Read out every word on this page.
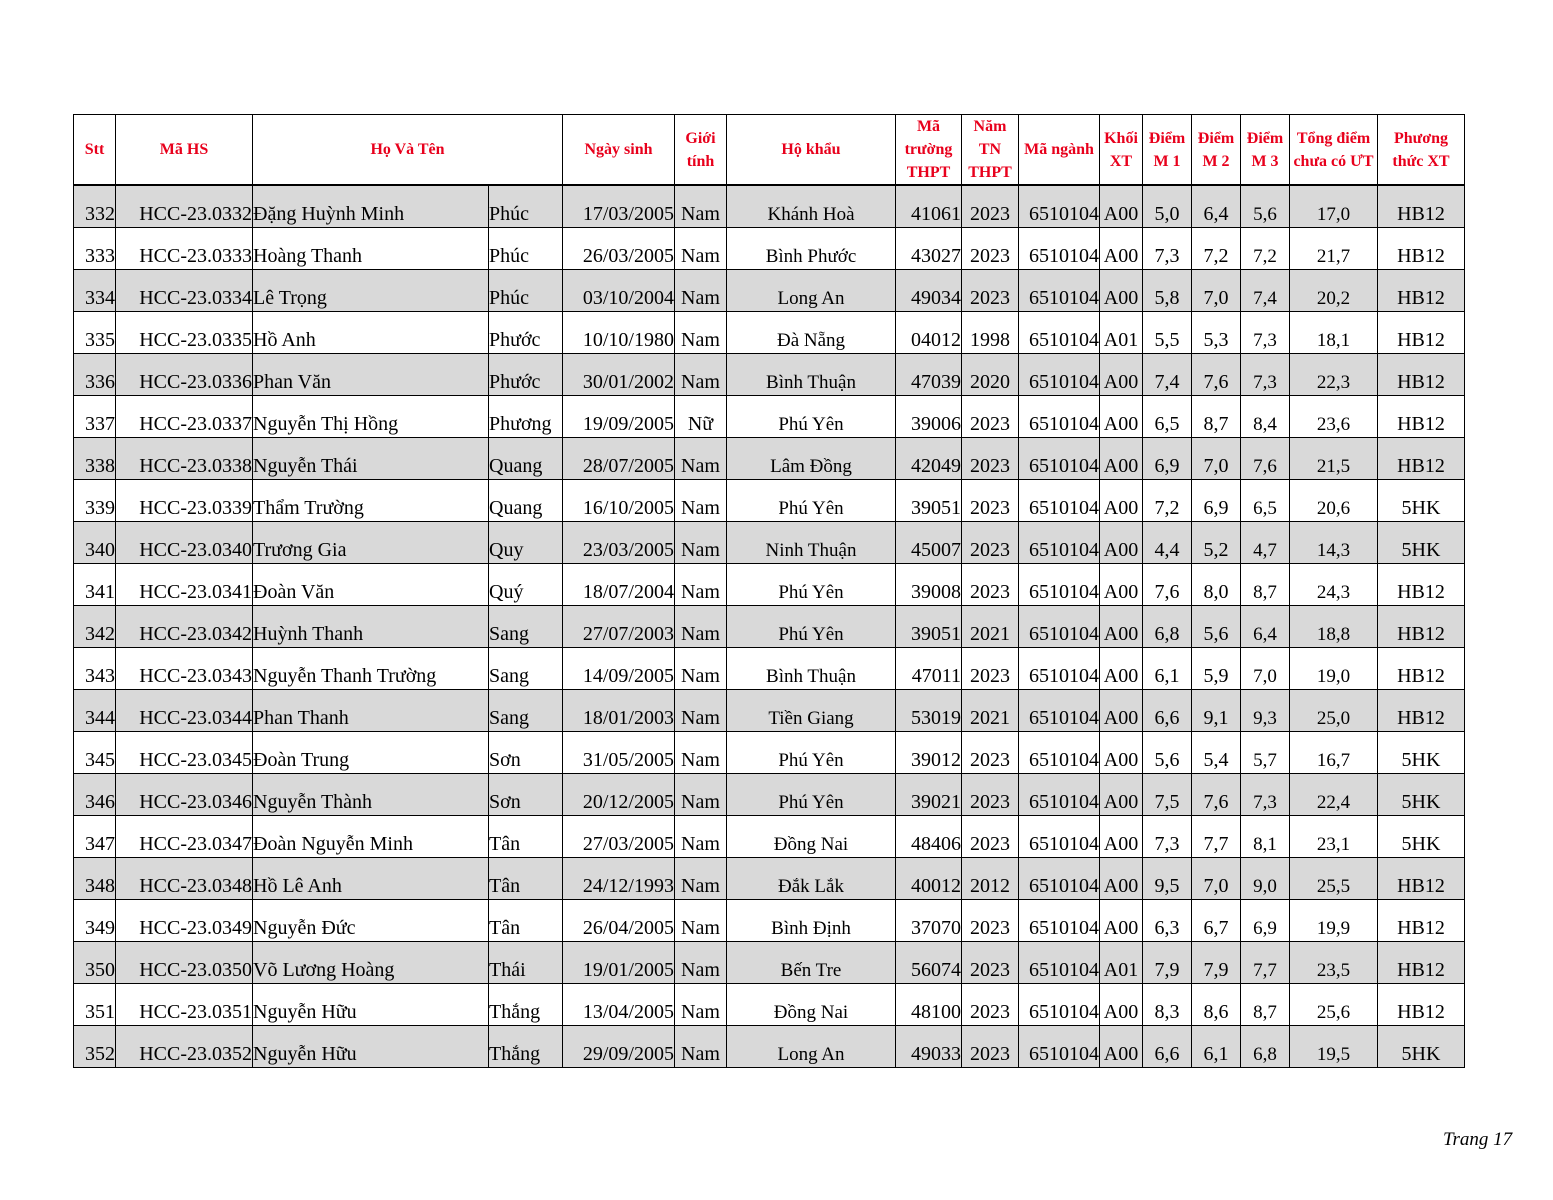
Stt	Mã HS	Họ Và Tên		Ngày sinh	Giới tính	Hộ khẩu	Mã trường THPT	Năm TN THPT	Mã ngành	Khối XT	Điểm M 1	Điểm M 2	Điểm M 3	Tổng điểm chưa có ƯT	Phương thức XT
332	HCC-23.0332	Đặng Huỳnh Minh	Phúc	17/03/2005	Nam	Khánh Hoà	41061	2023	6510104	A00	5,0	6,4	5,6	17,0	HB12
333	HCC-23.0333	Hoàng Thanh	Phúc	26/03/2005	Nam	Bình Phước	43027	2023	6510104	A00	7,3	7,2	7,2	21,7	HB12
334	HCC-23.0334	Lê Trọng	Phúc	03/10/2004	Nam	Long An	49034	2023	6510104	A00	5,8	7,0	7,4	20,2	HB12
335	HCC-23.0335	Hồ Anh	Phước	10/10/1980	Nam	Đà Nẵng	04012	1998	6510104	A01	5,5	5,3	7,3	18,1	HB12
336	HCC-23.0336	Phan Văn	Phước	30/01/2002	Nam	Bình Thuận	47039	2020	6510104	A00	7,4	7,6	7,3	22,3	HB12
337	HCC-23.0337	Nguyễn Thị Hồng	Phương	19/09/2005	Nữ	Phú Yên	39006	2023	6510104	A00	6,5	8,7	8,4	23,6	HB12
338	HCC-23.0338	Nguyễn Thái	Quang	28/07/2005	Nam	Lâm Đồng	42049	2023	6510104	A00	6,9	7,0	7,6	21,5	HB12
339	HCC-23.0339	Thẩm Trường	Quang	16/10/2005	Nam	Phú Yên	39051	2023	6510104	A00	7,2	6,9	6,5	20,6	5HK
340	HCC-23.0340	Trương Gia	Quy	23/03/2005	Nam	Ninh Thuận	45007	2023	6510104	A00	4,4	5,2	4,7	14,3	5HK
341	HCC-23.0341	Đoàn Văn	Quý	18/07/2004	Nam	Phú Yên	39008	2023	6510104	A00	7,6	8,0	8,7	24,3	HB12
342	HCC-23.0342	Huỳnh Thanh	Sang	27/07/2003	Nam	Phú Yên	39051	2021	6510104	A00	6,8	5,6	6,4	18,8	HB12
343	HCC-23.0343	Nguyễn Thanh Trường	Sang	14/09/2005	Nam	Bình Thuận	47011	2023	6510104	A00	6,1	5,9	7,0	19,0	HB12
344	HCC-23.0344	Phan Thanh	Sang	18/01/2003	Nam	Tiền Giang	53019	2021	6510104	A00	6,6	9,1	9,3	25,0	HB12
345	HCC-23.0345	Đoàn Trung	Sơn	31/05/2005	Nam	Phú Yên	39012	2023	6510104	A00	5,6	5,4	5,7	16,7	5HK
346	HCC-23.0346	Nguyễn Thành	Sơn	20/12/2005	Nam	Phú Yên	39021	2023	6510104	A00	7,5	7,6	7,3	22,4	5HK
347	HCC-23.0347	Đoàn Nguyễn Minh	Tân	27/03/2005	Nam	Đồng Nai	48406	2023	6510104	A00	7,3	7,7	8,1	23,1	5HK
348	HCC-23.0348	Hồ Lê Anh	Tân	24/12/1993	Nam	Đắk Lắk	40012	2012	6510104	A00	9,5	7,0	9,0	25,5	HB12
349	HCC-23.0349	Nguyễn Đức	Tân	26/04/2005	Nam	Bình Định	37070	2023	6510104	A00	6,3	6,7	6,9	19,9	HB12
350	HCC-23.0350	Võ Lương Hoàng	Thái	19/01/2005	Nam	Bến Tre	56074	2023	6510104	A01	7,9	7,9	7,7	23,5	HB12
351	HCC-23.0351	Nguyễn Hữu	Thắng	13/04/2005	Nam	Đồng Nai	48100	2023	6510104	A00	8,3	8,6	8,7	25,6	HB12
352	HCC-23.0352	Nguyễn Hữu	Thắng	29/09/2005	Nam	Long An	49033	2023	6510104	A00	6,6	6,1	6,8	19,5	5HK
Trang 17
